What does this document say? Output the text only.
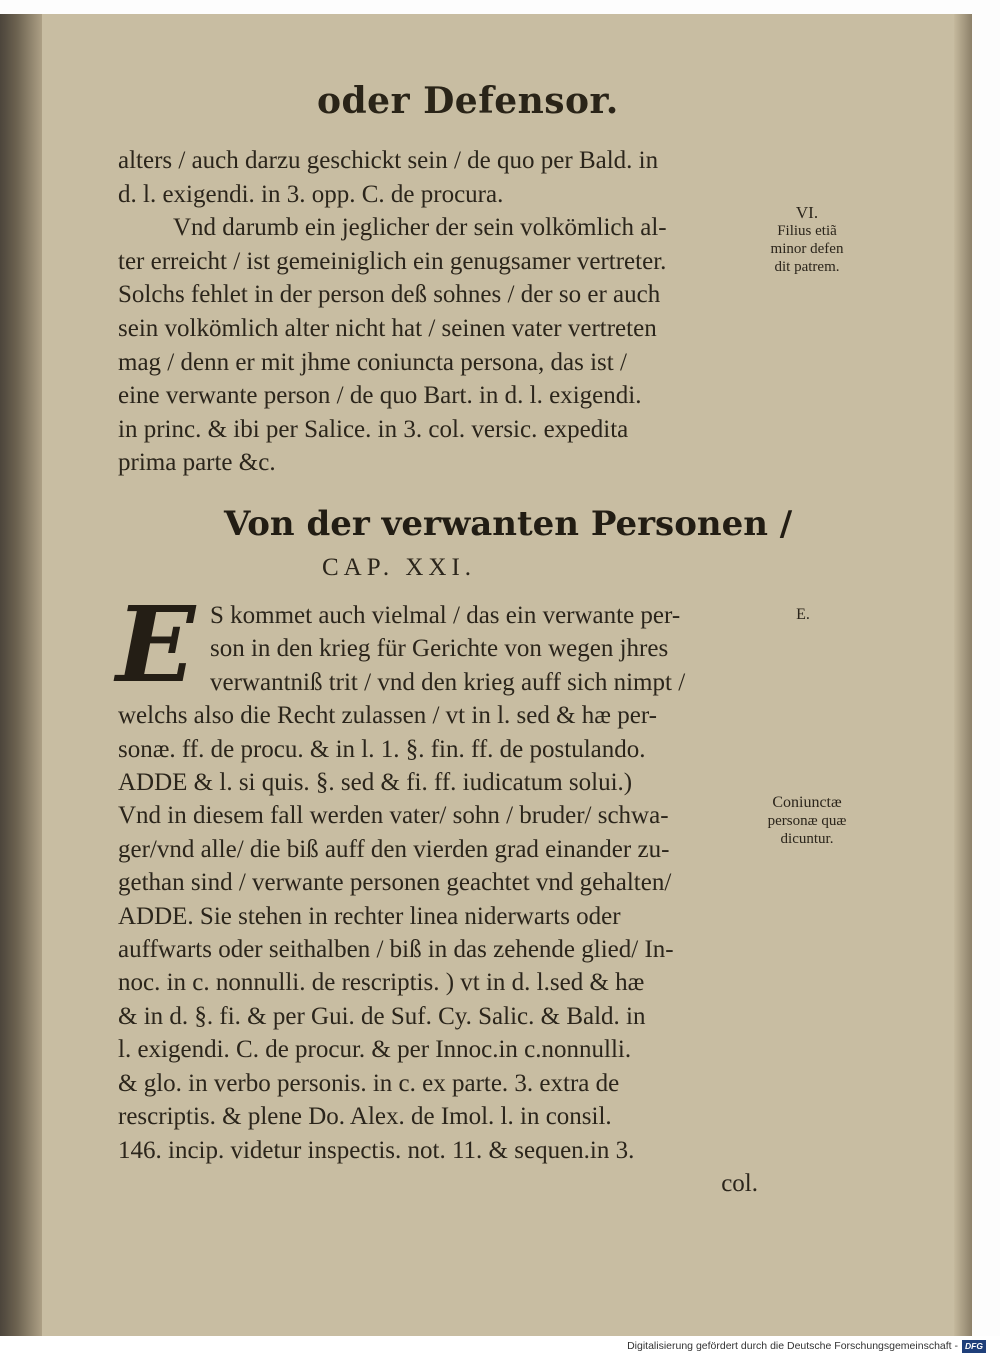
oder Defensor.
alters / auch darzu geschickt sein / de quo per Bald. in
d. l. exigendi. in 3. opp. C. de procura.
Vnd darumb ein jeglicher der sein volkömlich al-
ter erreicht / ist gemeiniglich ein genugsamer vertreter.
Solchs fehlet in der person deß sohnes / der so er auch
sein volkömlich alter nicht hat / seinen vater vertreten
mag / denn er mit jhme coniuncta persona, das ist /
eine verwante person / de quo Bart. in d. l. exigendi.
in princ. & ibi per Salice. in 3. col. versic. expedita
prima parte &c.
Von der verwanten Personen /
CAP. XXI.
E S kommet auch vielmal / das ein verwante per-
son in den krieg für Gerichte von wegen jhres
verwantniß trit / vnd den krieg auff sich nimpt /
welchs also die Recht zulassen / vt in l. sed & hæ per-
sonæ. ff. de procu. & in l. 1. §. fin. ff. de postulando.
ADDE & l. si quis. §. sed & fi. ff. iudicatum solui.)
Vnd in diesem fall werden vater/ sohn / bruder/ schwa-
ger/vnd alle/ die biß auff den vierden grad einander zu-
gethan sind / verwante personen geachtet vnd gehalten/
ADDE. Sie stehen in rechter linea niderwarts oder
auffwarts oder seithalben / biß in das zehende glied/ In-
noc. in c. nonnulli. de rescriptis. ) vt in d. l.sed & hæ
& in d. §. fi. & per Gui. de Suf. Cy. Salic. & Bald. in
l. exigendi. C. de procur. & per Innoc.in c.nonnulli.
& glo. in verbo personis. in c. ex parte. 3. extra de
rescriptis. & plene Do. Alex. de Imol. l. in consil.
146. incip. videtur inspectis. not. 11. & sequen.in 3.
col.
VI.
Filius etiã
minor defen
dit patrem.
E.
Coniunctæ
personæ quæ
dicuntur.
Digitalisierung gefördert durch die Deutsche Forschungsgemeinschaft - DFG
